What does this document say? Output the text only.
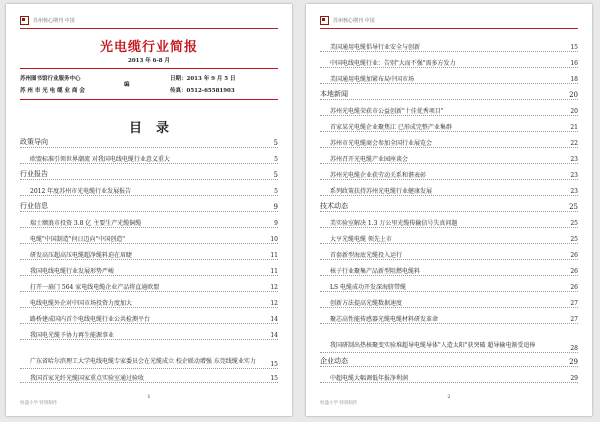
苏州核心期刊 中国
光电缆行业简报
2013 年 6-8 月
苏州图书馆行业服务中心
编
苏 州 市 光 电 缆 业 商 会
日期：2013 年 9 月 5 日
传真：0512-65581903
目录
政策导向	5
欧盟标准引领世界潮流 对我国电线电缆行业意义重大	5
行业报告	5
2012 年度苏州市光电缆行业发展报告	5
行业信息	9
瑞士额浪市投资 3.8 亿 主要生产光缆铜缆	9
电缆"中国制造"何日迈向"中国创造"	10
研发高压超高压电缆超净缆料迫在眉睫	11
我国电线电缆行业发展形势严峻	11
打开一扇门 564 家电线电缆企业产品将直通欧盟	12
电线电缆外企对中国市场投资力度加大	12
路桥建成国内首个电线电缆行业公共检测平台	14
我国电光缆予协力再生能源事业	14
广东省哈尔滨理工大学电线电缆专家委员会在光缆成立 校企联动增强 东莞线缆业实力	15
我国首家光纤光缆国家重点实验室通过验收	15
1
恒盛小学 特别制作
苏州核心期刊 中国
美国通用电缆倡导行业安全与创新	15
中国电线电缆行业：告别"大而不强"需多方发力	16
美国通用电缆加紧布局中国市场	18
本地新闻	20
苏州光电缆荣获市公益创新"十佳优秀项目"	20
首家某光电缆企业聚焦江 已形成完整产业集群	21
苏州市光电缆商会参加全国行业展览会	22
苏州召开光电缆产业园座谈会	23
苏州光电缆企业获劳动关系和谐表彰	23
系列政策扶持苏州光电缆行业健康发展	23
技术动态	25
美实验室解决 1.3 万公里光缆传输信号失真问题	25
大亨光缆电缆 领先上市	25
首套新型海底光缆投入运行	26
核子行业聚集产品新型阻燃电缆料	26
LS 电缆成功开发深海脐带缆	26
创新方法提高光缆数据速度	27
聚芯高性能传感器光缆电缆材料研发革命	27
我国研制出热核聚变实验堆超导电缆导体"人造太阳"获突破 超导输电渐受追捧	28
企业动态	29
中超电缆大幅调低年报净利润	29
2
恒盛小学 特别制作
